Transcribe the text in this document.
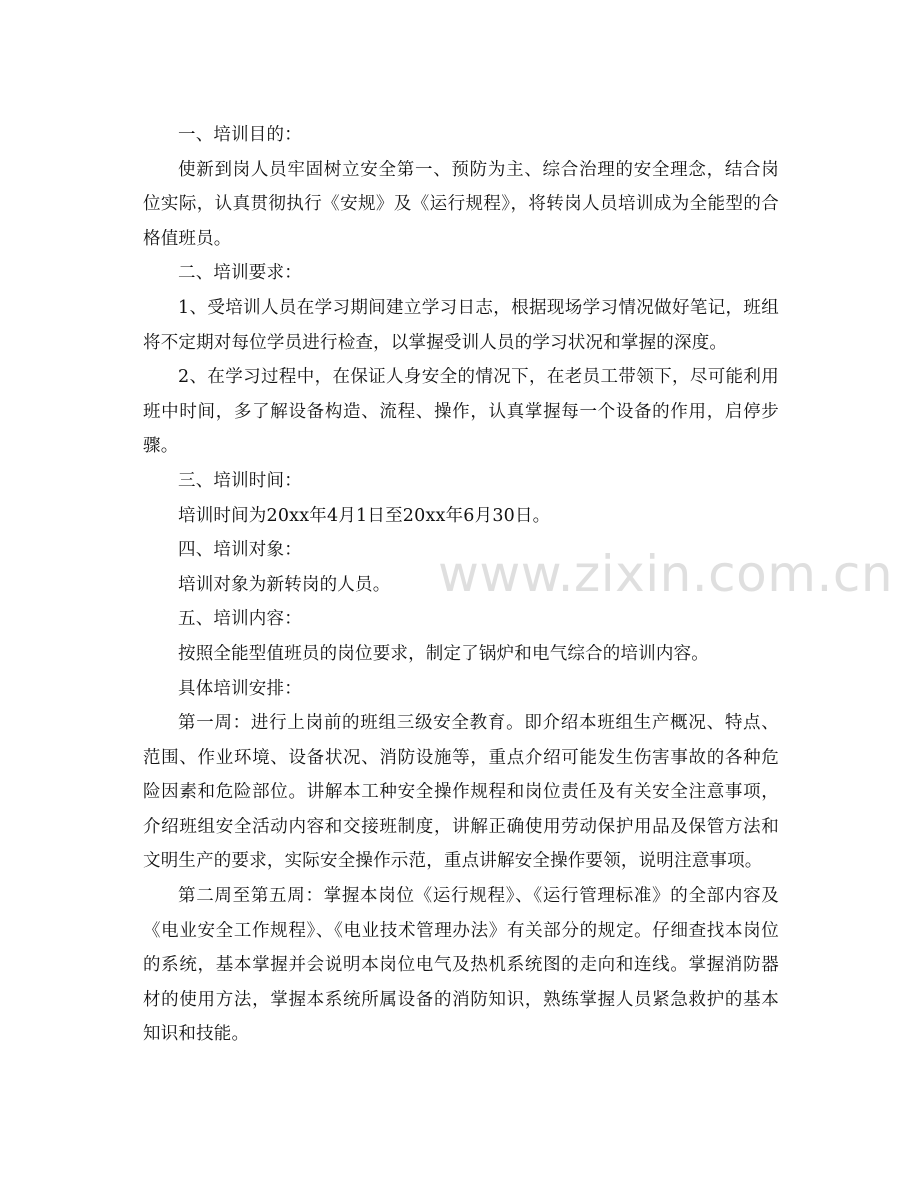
一、培训目的：

使新到岗人员牢固树立安全第一、预防为主、综合治理的安全理念，结合岗位实际，认真贯彻执行《安规》及《运行规程》，将转岗人员培训成为全能型的合格值班员。

二、培训要求：

1、受培训人员在学习期间建立学习日志，根据现场学习情况做好笔记，班组将不定期对每位学员进行检查，以掌握受训人员的学习状况和掌握的深度。

2、在学习过程中，在保证人身安全的情况下，在老员工带领下，尽可能利用班中时间，多了解设备构造、流程、操作，认真掌握每一个设备的作用，启停步骤。

三、培训时间：

培训时间为20xx年4月1日至20xx年6月30日。

四、培训对象：

培训对象为新转岗的人员。

五、培训内容：

按照全能型值班员的岗位要求，制定了锅炉和电气综合的培训内容。

具体培训安排：

第一周：进行上岗前的班组三级安全教育。即介绍本班组生产概况、特点、范围、作业环境、设备状况、消防设施等，重点介绍可能发生伤害事故的各种危险因素和危险部位。讲解本工种安全操作规程和岗位责任及有关安全注意事项，介绍班组安全活动内容和交接班制度，讲解正确使用劳动保护用品及保管方法和文明生产的要求，实际安全操作示范，重点讲解安全操作要领，说明注意事项。

第二周至第五周：掌握本岗位《运行规程》、《运行管理标准》的全部内容及《电业安全工作规程》、《电业技术管理办法》有关部分的规定。仔细查找本岗位的系统，基本掌握并会说明本岗位电气及热机系统图的走向和连线。掌握消防器材的使用方法，掌握本系统所属设备的消防知识，熟练掌握人员紧急救护的基本知识和技能。

www.zixin.com.cn
